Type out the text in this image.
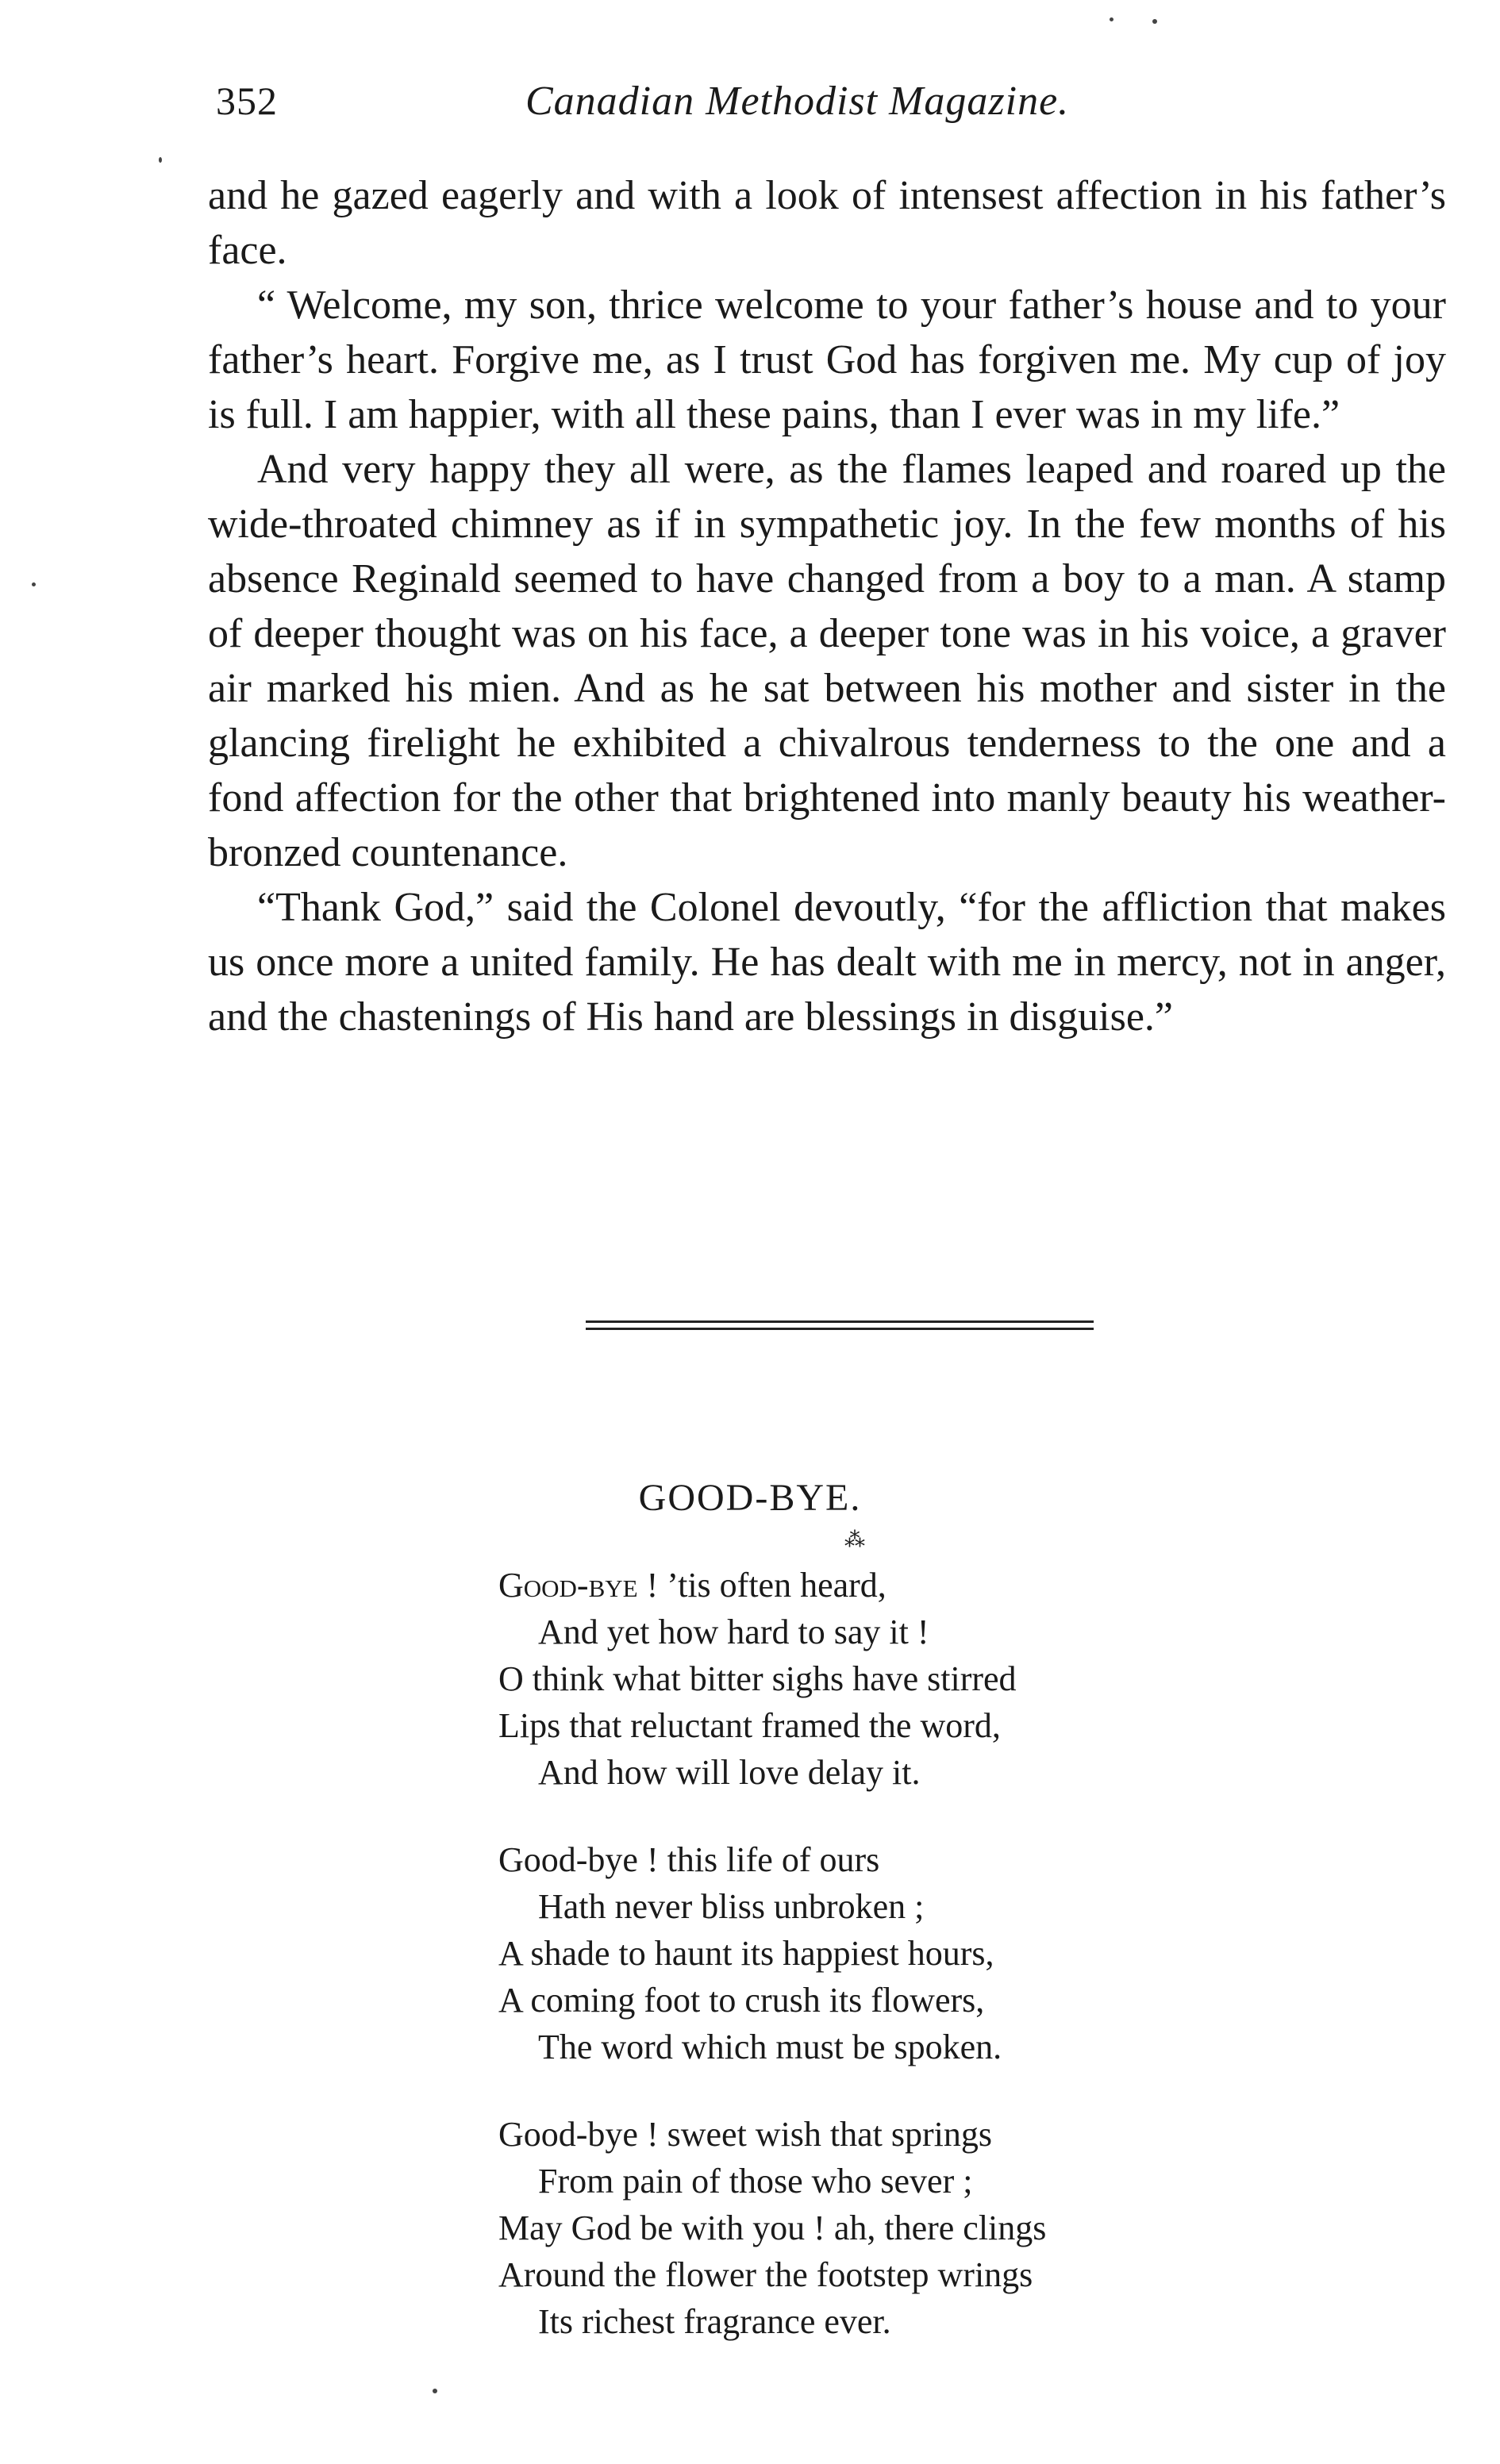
352	Canadian Methodist Magazine.

and he gazed eagerly and with a look of intensest affection in his father’s face.

“ Welcome, my son, thrice welcome to your father’s house and to your father’s heart. Forgive me, as I trust God has forgiven me. My cup of joy is full. I am happier, with all these pains, than I ever was in my life.”

And very happy they all were, as the flames leaped and roared up the wide-throated chimney as if in sympathetic joy. In the few months of his absence Reginald seemed to have changed from a boy to a man. A stamp of deeper thought was on his face, a deeper tone was in his voice, a graver air marked his mien. And as he sat between his mother and sister in the glancing firelight he exhibited a chivalrous tenderness to the one and a fond affection for the other that brightened into manly beauty his weather-bronzed countenance.

“Thank God,” said the Colonel devoutly, “for the affliction that makes us once more a united family. He has dealt with me in mercy, not in anger, and the chastenings of His hand are blessings in disguise.”

GOOD-BYE.
⁂
Good-bye ! ’tis often heard,
And yet how hard to say it !
O think what bitter sighs have stirred
Lips that reluctant framed the word,
And how will love delay it.
Good-bye ! this life of ours
Hath never bliss unbroken ;
A shade to haunt its happiest hours,
A coming foot to crush its flowers,
The word which must be spoken.
Good-bye ! sweet wish that springs
From pain of those who sever ;
May God be with you ! ah, there clings
Around the flower the footstep wrings
Its richest fragrance ever.
